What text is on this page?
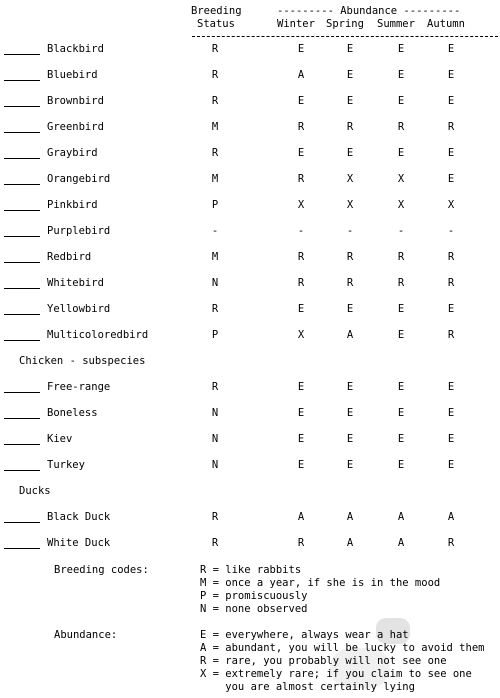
Breeding
Status
--------- Abundance ---------
Winter Spring Summer Autumn
Blackbird	R	E	E	E	E
Bluebird	R	A	E	E	E
Brownbird	R	E	E	E	E
Greenbird	M	R	R	R	R
Graybird	R	E	E	E	E
Orangebird	M	R	X	X	E
Pinkbird	P	X	X	X	X
Purplebird	-	-	-	-	-
Redbird	M	R	R	R	R
Whitebird	N	R	R	R	R
Yellowbird	R	E	E	E	E
Multicoloredbird	P	X	A	E	R
Free-range	R	E	E	E	E
Boneless	N	E	E	E	E
Kiev	N	E	E	E	E
Turkey	N	E	E	E	E
Black Duck	R	A	A	A	A
White Duck	R	R	A	A	R
Chicken - subspecies
Ducks
Breeding codes:	R = like rabbits
M = once a year, if she is in the mood
P = promiscuously
N = none observed
Abundance:	E = everywhere, always wear a hat
A = abundant, you will be lucky to avoid them
R = rare, you probably will not see one
X = extremely rare; if you claim to see one
you are almost certainly lying
